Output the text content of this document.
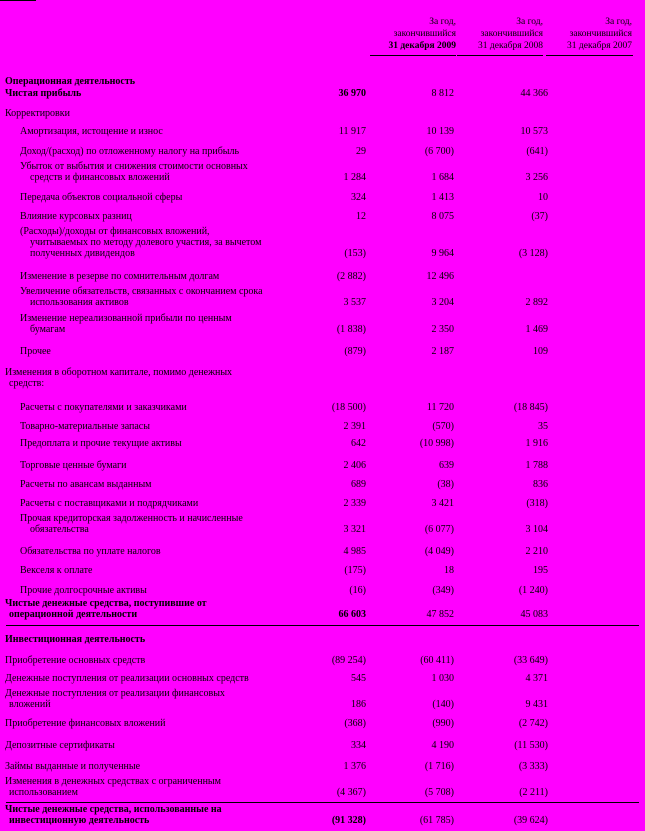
За год,
закончившийся
31 декабря 2009
За год,
закончившийся
31 декабря 2008
За год,
закончившийся
31 декабря 2007
Операционная деятельность
Чистая прибыль	36 970	8 812	44 366
Корректировки
Амортизация, истощение и износ	11 917	10 139	10 573
Доход/(расход) по отложенному налогу на прибыль	29	(6 700)	(641)
Убыток от выбытия и снижения стоимости основных
средств и финансовых вложений	1 284	1 684	3 256
Передача объектов социальной сферы	324	1 413	10
Влияние курсовых разниц	12	8 075	(37)
(Расходы)/доходы от финансовых вложений,
учитываемых по методу долевого участия, за вычетом
полученных дивидендов	(153)	9 964	(3 128)
Изменение в резерве по сомнительным долгам	(2 882)	12 496
Увеличение обязательств, связанных с окончанием срока
использования активов	3 537	3 204	2 892
Изменение нереализованной прибыли по ценным
бумагам	(1 838)	2 350	1 469
Прочее	(879)	2 187	109
Изменения в оборотном капитале, помимо денежных
средств:
Расчеты с покупателями и заказчиками	(18 500)	11 720	(18 845)
Товарно-материальные запасы	2 391	(570)	35
Предоплата и прочие текущие активы	642	(10 998)	1 916
Торговые ценные бумаги	2 406	639	1 788
Расчеты по авансам выданным	689	(38)	836
Расчеты с поставщиками и подрядчиками	2 339	3 421	(318)
Прочая кредиторская задолженность и начисленные
обязательства	3 321	(6 077)	3 104
Обязательства по уплате налогов	4 985	(4 049)	2 210
Векселя к оплате	(175)	18	195
Прочие долгосрочные активы	(16)	(349)	(1 240)
Чистые денежные средства, поступившие от
операционной деятельности	66 603	47 852	45 083
Инвестиционная деятельность
Приобретение основных средств	(89 254)	(60 411)	(33 649)
Денежные поступления от реализации основных средств	545	1 030	4 371
Денежные поступления от реализации финансовых
вложений	186	(140)	9 431
Приобретение финансовых вложений	(368)	(990)	(2 742)
Депозитные сертификаты	334	4 190	(11 530)
Займы выданные и полученные	1 376	(1 716)	(3 333)
Изменения в денежных средствах с ограниченным
использованием	(4 367)	(5 708)	(2 211)
Чистые денежные средства, использованные на
инвестиционную деятельность	(91 328)	(61 785)	(39 624)
